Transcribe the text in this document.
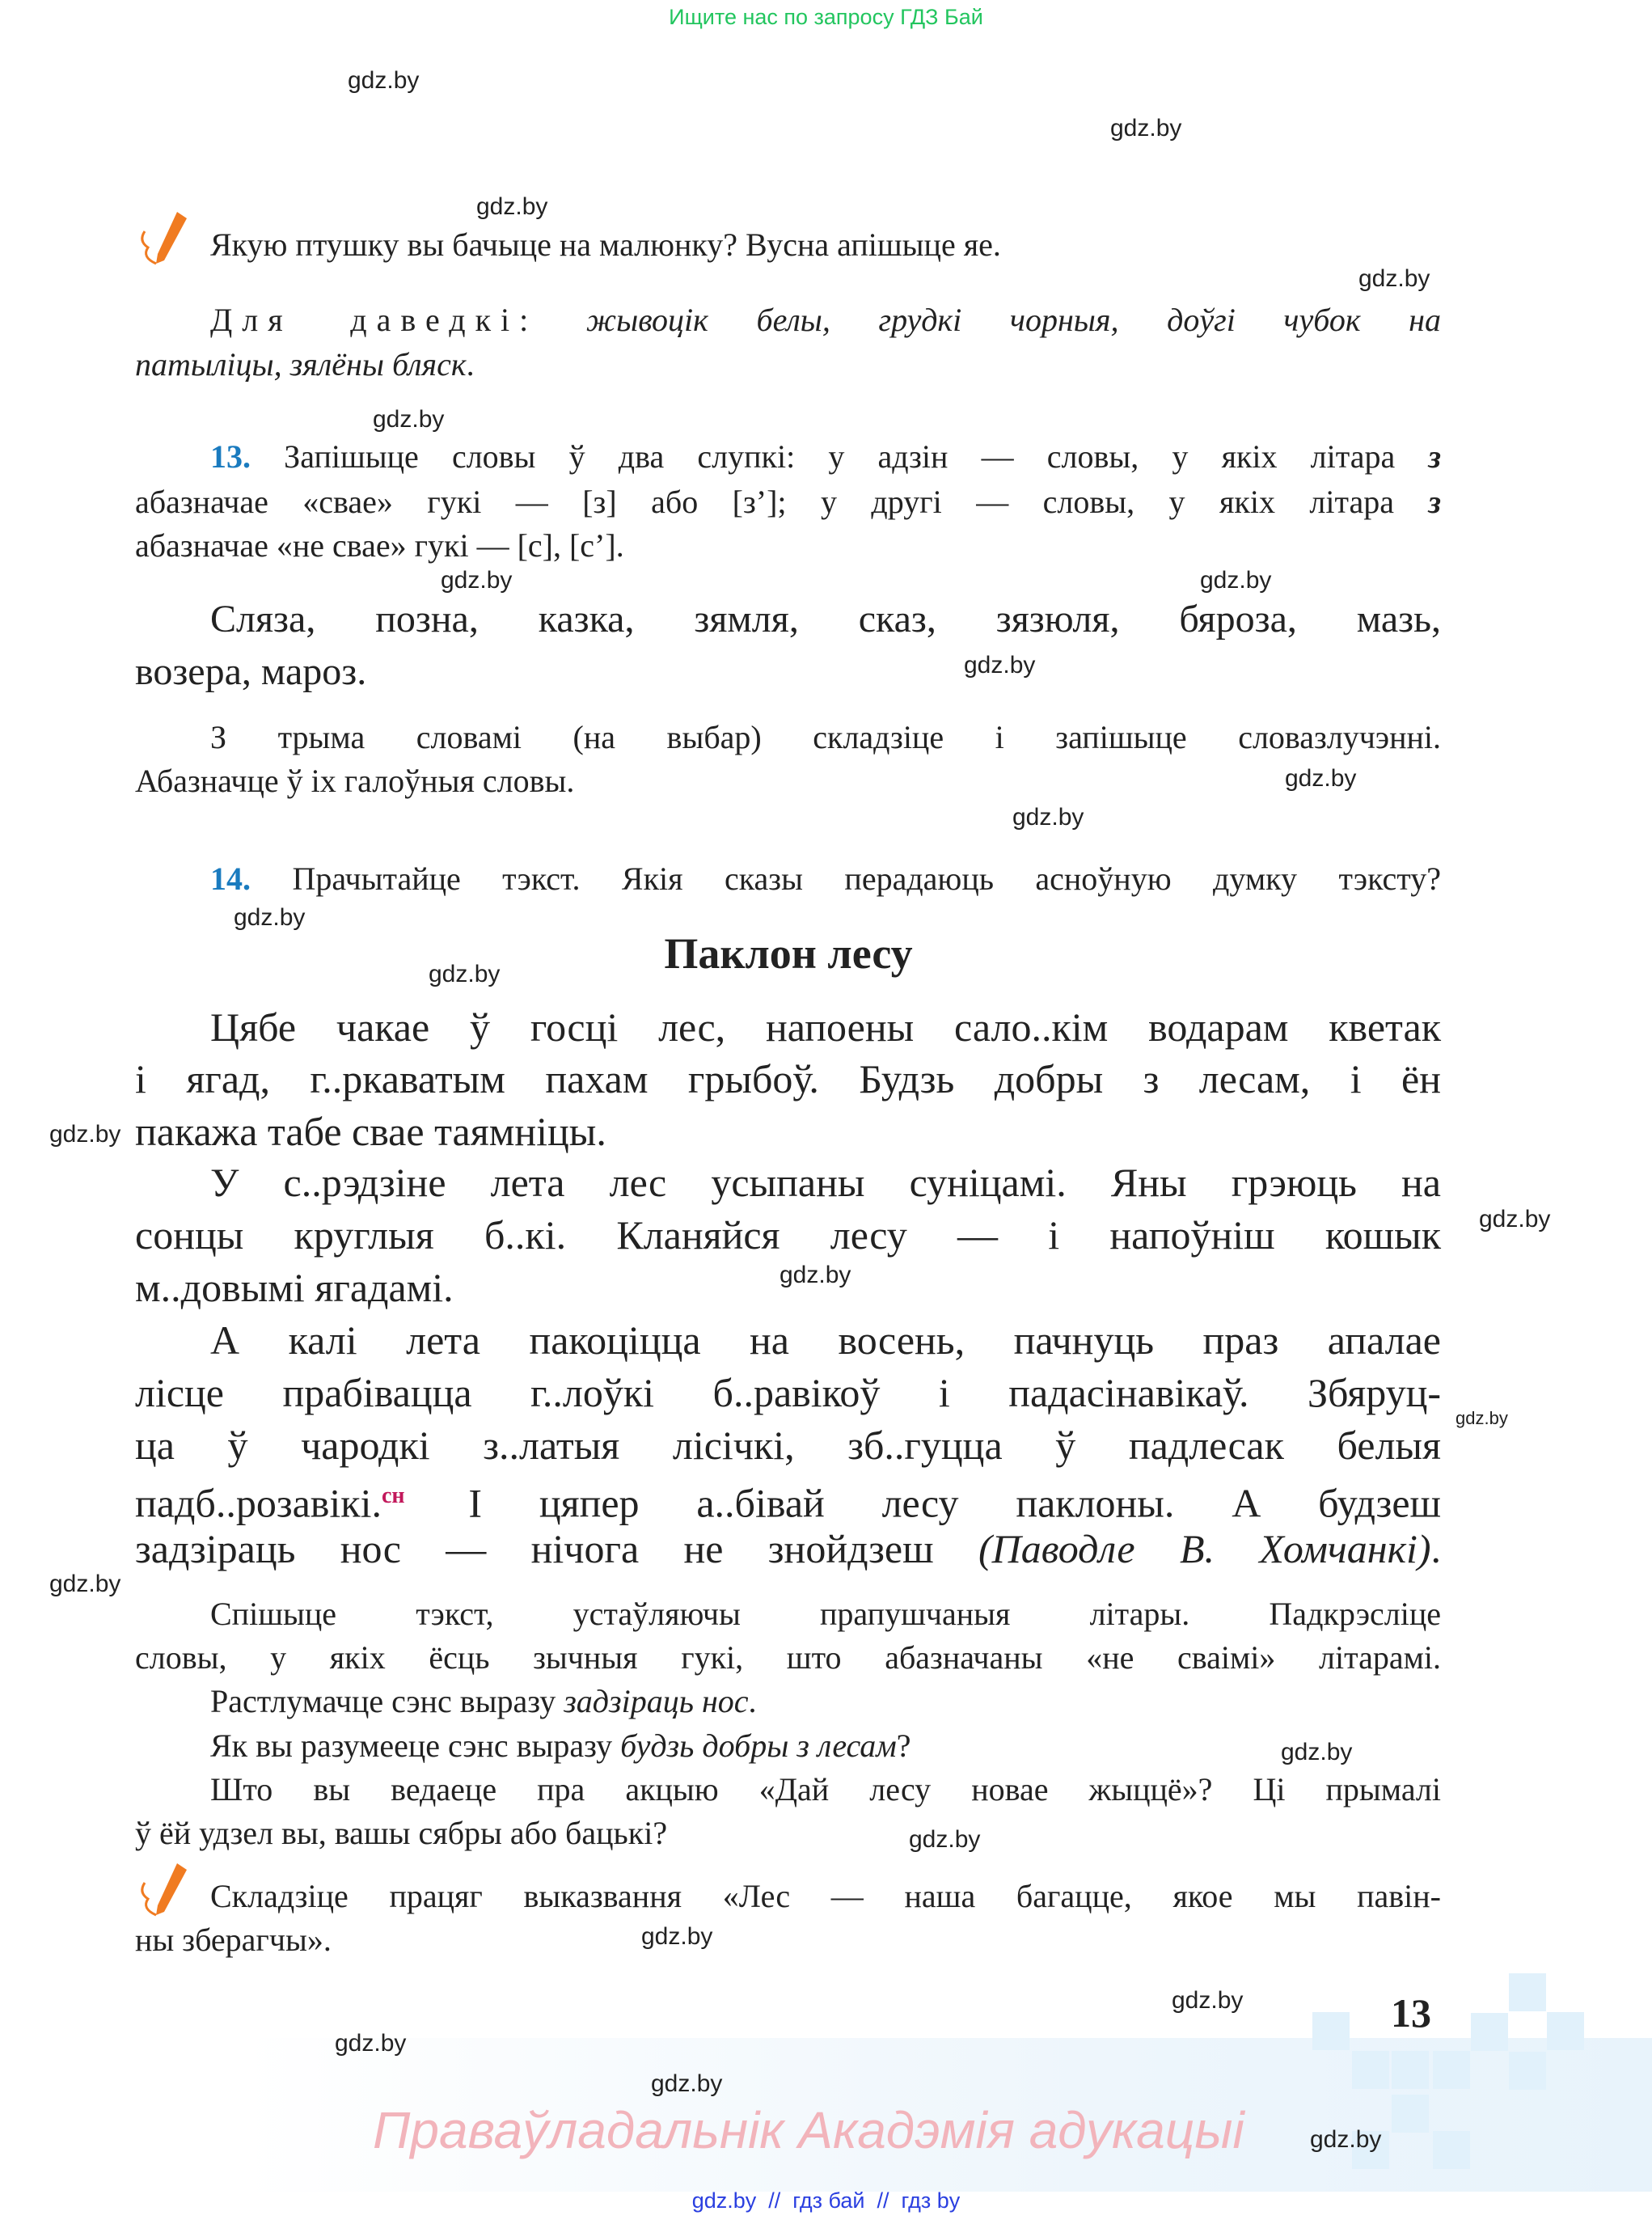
Ищите нас по запросу ГДЗ Бай
Якую птушку вы бачыце на малюнку? Вусна апішыце яе.
Для даведкі: жывоцік белы, грудкі чорныя, доўгі чубок на
патыліцы, зялёны бляск.
13. Запішыце словы ў два слупкі: у адзін — словы, у якіх літара з
абазначае «свае» гукі — [з] або [з’]; у другі — словы, у якіх літара з
абазначае «не свае» гукі — [с], [с’].
Сляза, позна, казка, зямля, сказ, зязюля, бяроза, мазь,
возера, мароз.
З трыма словамі (на выбар) складзіце і запішыце словазлучэнні.
Абазначце ў іх галоўныя словы.
14. Прачытайце тэкст. Якія сказы перадаюць асноўную думку тэксту?
Паклон лесу
Цябе чакае ў госці лес, напоены сало..кім водарам кветак
і ягад, г..ркаватым пахам грыбоў. Будзь добры з лесам, і ён
пакажа табе свае таямніцы.
У с..рэдзіне лета лес усыпаны суніцамі. Яны грэюць на
сонцы круглыя б..кі. Кланяйся лесу — і напоўніш кошык
м..довымі ягадамі.
А калі лета пакоціцца на восень, пачнуць праз апалае
лісце прабівацца г..лоўкі б..равікоў і падасінавікаў. Збяруц-
ца ў чародкі з..латыя лісічкі, зб..гуцца ў падлесак белыя
падб..розавікі.$^{сн}$ І цяпер а..бівай лесу паклоны. А будзеш
задзіраць нос — нічога не знойдзеш (Паводле В. Хомчанкі).
Спішыце тэкст, устаўляючы прапушчаныя літары. Падкрэсліце
словы, у якіх ёсць зычныя гукі, што абазначаны «не сваімі» літарамі.
Растлумачце сэнс выразу задзіраць нос.
Як вы разумееце сэнс выразу будзь добры з лесам?
Што вы ведаеце пра акцыю «Дай лесу новае жыццё»? Ці прымалі
ў ёй удзел вы, вашы сябры або бацькі?
Складзіце працяг выказвання «Лес — наша багацце, якое мы павін-
ны зберагчы».
13
Праваўладальнік Акадэмія адукацыі
gdz.by  //  гдз бай  //  гдз by
gdz.by
gdz.by
gdz.by
gdz.by
gdz.by
gdz.by
gdz.by
gdz.by
gdz.by
gdz.by
gdz.by
gdz.by
gdz.by
gdz.by
gdz.by
gdz.by
gdz.by
gdz.by
gdz.by
gdz.by
gdz.by
gdz.by
gdz.by
gdz.by
